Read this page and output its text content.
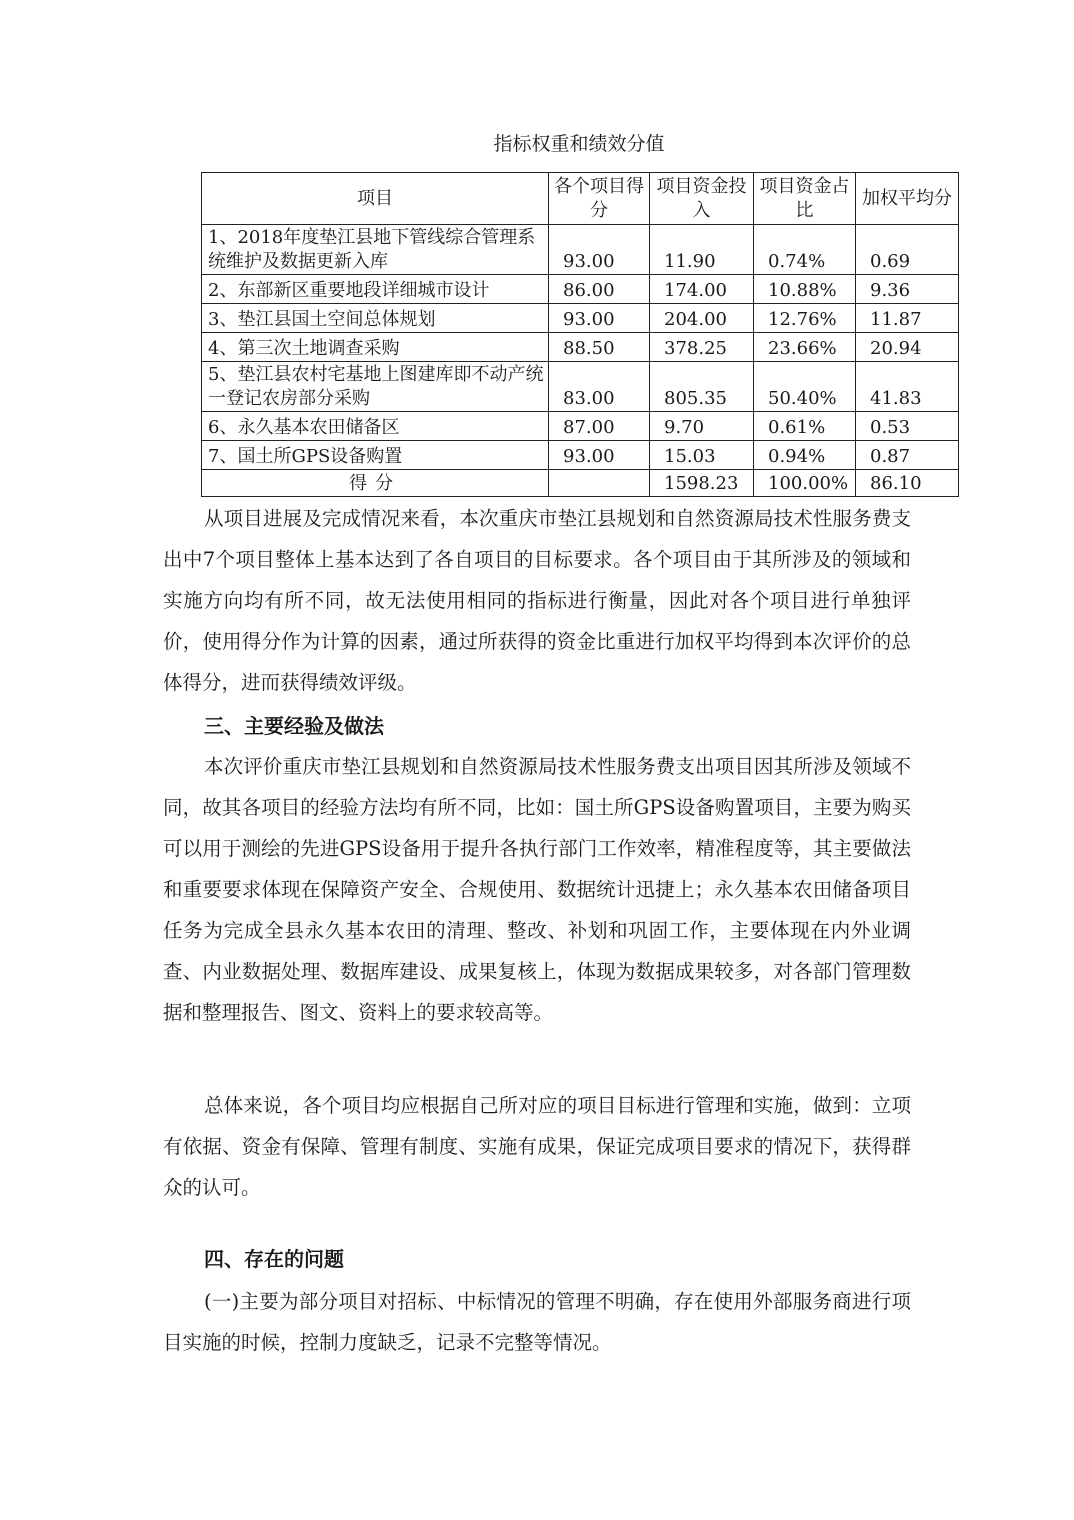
指标权重和绩效分值
项目	各个项目得分	项目资金投入	项目资金占比	加权平均分
1、2018年度垫江县地下管线综合管理系统维护及数据更新入库	93.00	11.90	0.74%	0.69
2、东部新区重要地段详细城市设计	86.00	174.00	10.88%	9.36
3、垫江县国土空间总体规划	93.00	204.00	12.76%	11.87
4、第三次土地调查采购	88.50	378.25	23.66%	20.94
5、垫江县农村宅基地上图建库即不动产统一登记农房部分采购	83.00	805.35	50.40%	41.83
6、永久基本农田储备区	87.00	9.70	0.61%	0.53
7、国土所GPS设备购置	93.00	15.03	0.94%	0.87
得分		1598.23	100.00%	86.10

从项目进展及完成情况来看，本次重庆市垫江县规划和自然资源局技术性服务费支出中7个项目整体上基本达到了各自项目的目标要求。各个项目由于其所涉及的领域和实施方向均有所不同，故无法使用相同的指标进行衡量，因此对各个项目进行单独评价，使用得分作为计算的因素，通过所获得的资金比重进行加权平均得到本次评价的总体得分，进而获得绩效评级。

三、主要经验及做法

本次评价重庆市垫江县规划和自然资源局技术性服务费支出项目因其所涉及领域不同，故其各项目的经验方法均有所不同，比如：国土所GPS设备购置项目，主要为购买可以用于测绘的先进GPS设备用于提升各执行部门工作效率，精准程度等，其主要做法和重要要求体现在保障资产安全、合规使用、数据统计迅捷上；永久基本农田储备项目任务为完成全县永久基本农田的清理、整改、补划和巩固工作，主要体现在内外业调查、内业数据处理、数据库建设、成果复核上，体现为数据成果较多，对各部门管理数据和整理报告、图文、资料上的要求较高等。

总体来说，各个项目均应根据自己所对应的项目目标进行管理和实施，做到：立项有依据、资金有保障、管理有制度、实施有成果，保证完成项目要求的情况下，获得群众的认可。

四、存在的问题

(一)主要为部分项目对招标、中标情况的管理不明确，存在使用外部服务商进行项目实施的时候，控制力度缺乏，记录不完整等情况。
